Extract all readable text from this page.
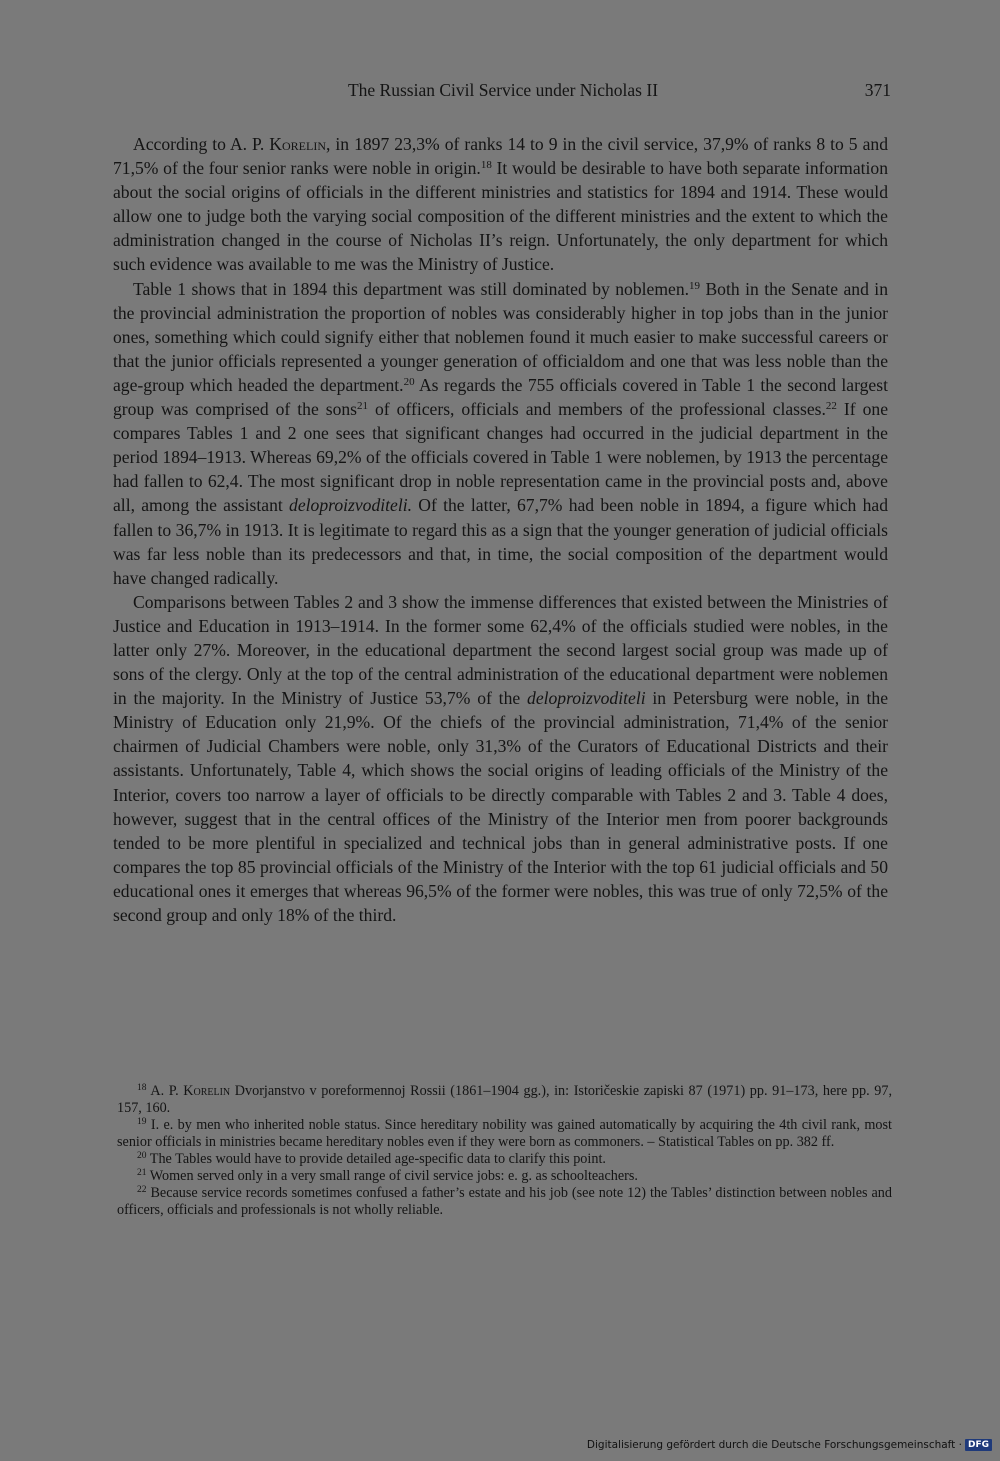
The Russian Civil Service under Nicholas II	371

According to A. P. Korelin, in 1897 23,3% of ranks 14 to 9 in the civil service, 37,9% of ranks 8 to 5 and 71,5% of the four senior ranks were noble in origin.$^{18}$ It would be desirable to have both separate information about the social origins of officials in the different ministries and statistics for 1894 and 1914. These would allow one to judge both the varying social composition of the different ministries and the extent to which the administration changed in the course of Nicholas II’s reign. Unfortunately, the only department for which such evidence was available to me was the Ministry of Justice.

Table 1 shows that in 1894 this department was still dominated by noblemen.$^{19}$ Both in the Senate and in the provincial administration the proportion of nobles was considerably higher in top jobs than in the junior ones, something which could signify either that noblemen found it much easier to make successful careers or that the junior officials represented a younger generation of officialdom and one that was less noble than the age-group which headed the department.$^{20}$ As regards the 755 officials covered in Table 1 the second largest group was comprised of the sons$^{21}$ of officers, officials and members of the professional classes.$^{22}$ If one compares Tables 1 and 2 one sees that significant changes had occurred in the judicial department in the period 1894–1913. Whereas 69,2% of the officials covered in Table 1 were noblemen, by 1913 the percentage had fallen to 62,4. The most significant drop in noble representation came in the provincial posts and, above all, among the assistant deloproizvoditeli. Of the latter, 67,7% had been noble in 1894, a figure which had fallen to 36,7% in 1913. It is legitimate to regard this as a sign that the younger generation of judicial officials was far less noble than its predecessors and that, in time, the social composition of the department would have changed radically.

Comparisons between Tables 2 and 3 show the immense differences that existed between the Ministries of Justice and Education in 1913–1914. In the former some 62,4% of the officials studied were nobles, in the latter only 27%. Moreover, in the educational department the second largest social group was made up of sons of the clergy. Only at the top of the central administration of the educational department were noblemen in the majority. In the Ministry of Justice 53,7% of the deloproizvoditeli in Petersburg were noble, in the Ministry of Education only 21,9%. Of the chiefs of the provincial administration, 71,4% of the senior chairmen of Judicial Chambers were noble, only 31,3% of the Curators of Educational Districts and their assistants. Unfortunately, Table 4, which shows the social origins of leading officials of the Ministry of the Interior, covers too narrow a layer of officials to be directly comparable with Tables 2 and 3. Table 4 does, however, suggest that in the central offices of the Ministry of the Interior men from poorer backgrounds tended to be more plentiful in specialized and technical jobs than in general administrative posts. If one compares the top 85 provincial officials of the Ministry of the Interior with the top 61 judicial officials and 50 educational ones it emerges that whereas 96,5% of the former were nobles, this was true of only 72,5% of the second group and only 18% of the third.

$^{18}$ A. P. Korelin Dvorjanstvo v poreformennoj Rossii (1861–1904 gg.), in: Istoričeskie zapiski 87 (1971) pp. 91–173, here pp. 97, 157, 160.

$^{19}$ I. e. by men who inherited noble status. Since hereditary nobility was gained automatically by acquiring the 4th civil rank, most senior officials in ministries became hereditary nobles even if they were born as commoners. – Statistical Tables on pp. 382 ff.

$^{20}$ The Tables would have to provide detailed age-specific data to clarify this point.

$^{21}$ Women served only in a very small range of civil service jobs: e. g. as schoolteachers.

$^{22}$ Because service records sometimes confused a father’s estate and his job (see note 12) the Tables’ distinction between nobles and officers, officials and professionals is not wholly reliable.

Digitalisierung gefördert durch die Deutsche Forschungsgemeinschaft · DFG
